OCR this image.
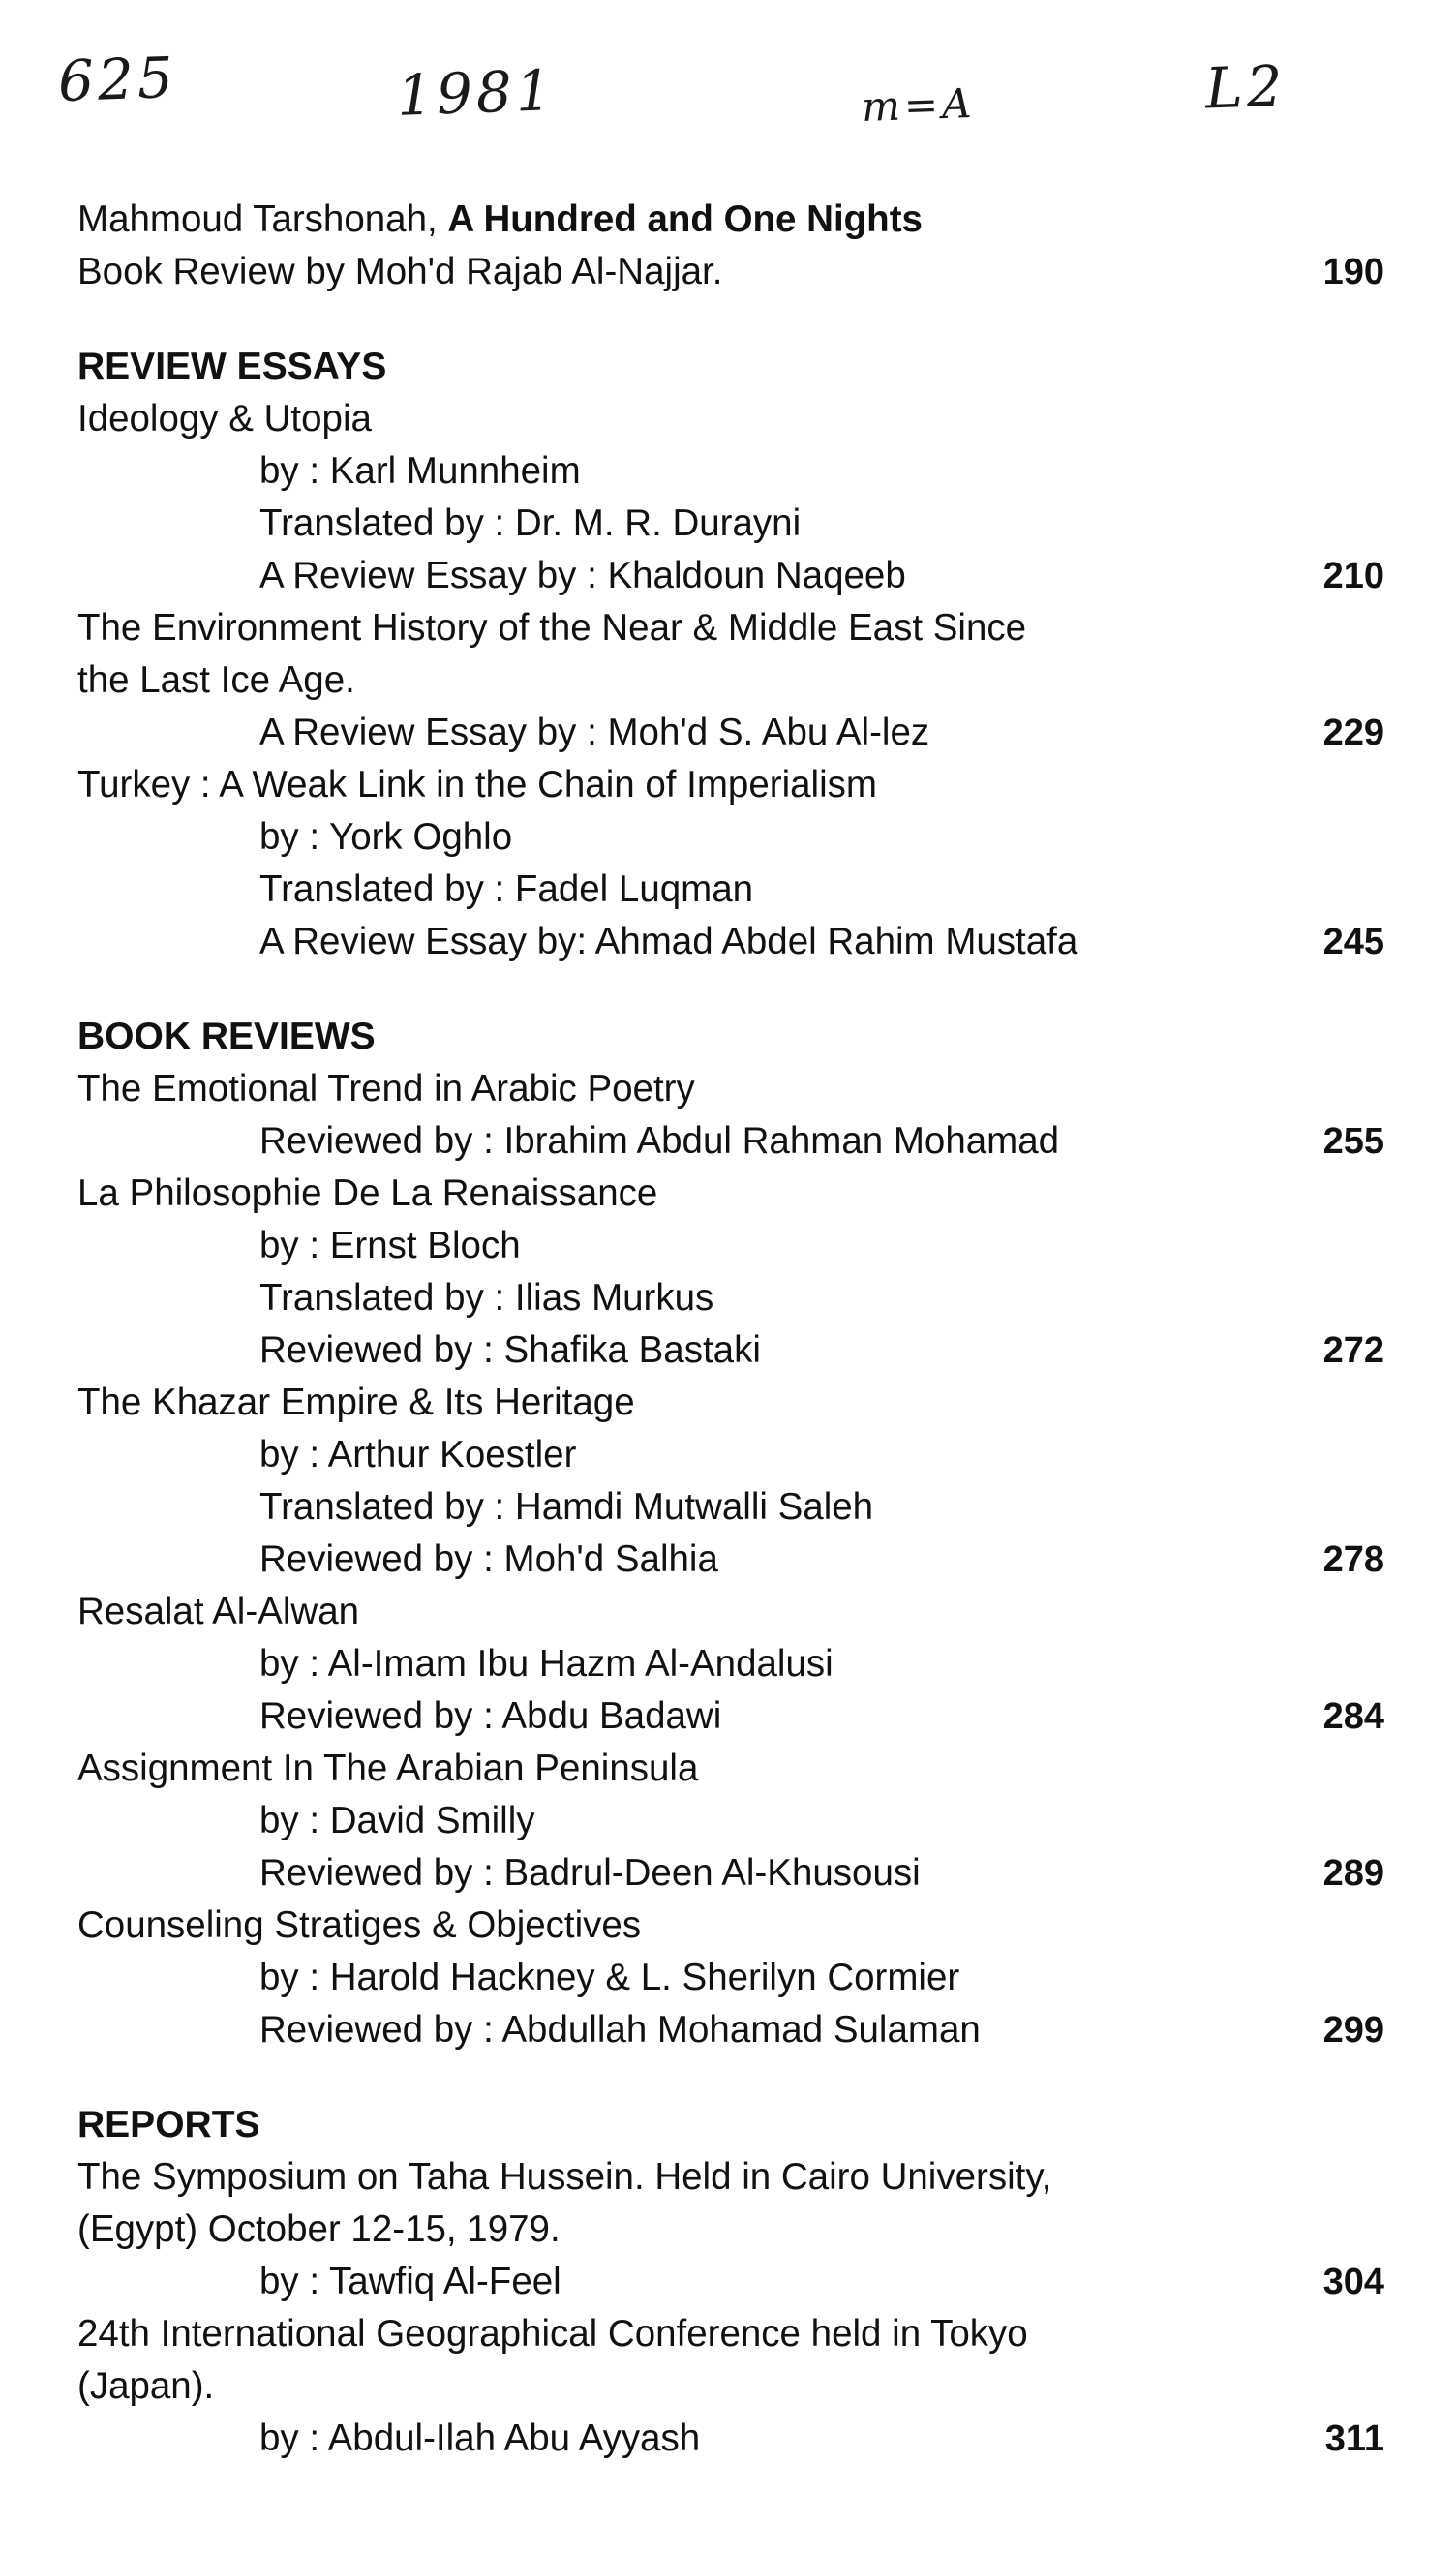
625	1981	m=A	L2
Mahmoud Tarshonah, A Hundred and One Nights
Book Review by Moh'd Rajab Al-Najjar.	190
REVIEW ESSAYS
Ideology & Utopia
by : Karl Munnheim
Translated by : Dr. M. R. Durayni
A Review Essay by : Khaldoun Naqeeb	210
The Environment History of the Near & Middle East Since
the Last Ice Age.
A Review Essay by : Moh'd S. Abu Al-lez	229
Turkey : A Weak Link in the Chain of Imperialism
by : York Oghlo
Translated by : Fadel Luqman
A Review Essay by: Ahmad Abdel Rahim Mustafa	245
BOOK REVIEWS
The Emotional Trend in Arabic Poetry
Reviewed by : Ibrahim Abdul Rahman Mohamad	255
La Philosophie De La Renaissance
by : Ernst Bloch
Translated by : Ilias Murkus
Reviewed by : Shafika Bastaki	272
The Khazar Empire & Its Heritage
by : Arthur Koestler
Translated by : Hamdi Mutwalli Saleh
Reviewed by : Moh'd Salhia	278
Resalat Al-Alwan
by : Al-Imam Ibu Hazm Al-Andalusi
Reviewed by : Abdu Badawi	284
Assignment In The Arabian Peninsula
by : David Smilly
Reviewed by : Badrul-Deen Al-Khusousi	289
Counseling Stratiges & Objectives
by : Harold Hackney & L. Sherilyn Cormier
Reviewed by : Abdullah Mohamad Sulaman	299
REPORTS
The Symposium on Taha Hussein. Held in Cairo University,
(Egypt) October 12-15, 1979.
by : Tawfiq Al-Feel	304
24th International Geographical Conference held in Tokyo
(Japan).
by : Abdul-Ilah Abu Ayyash	311
